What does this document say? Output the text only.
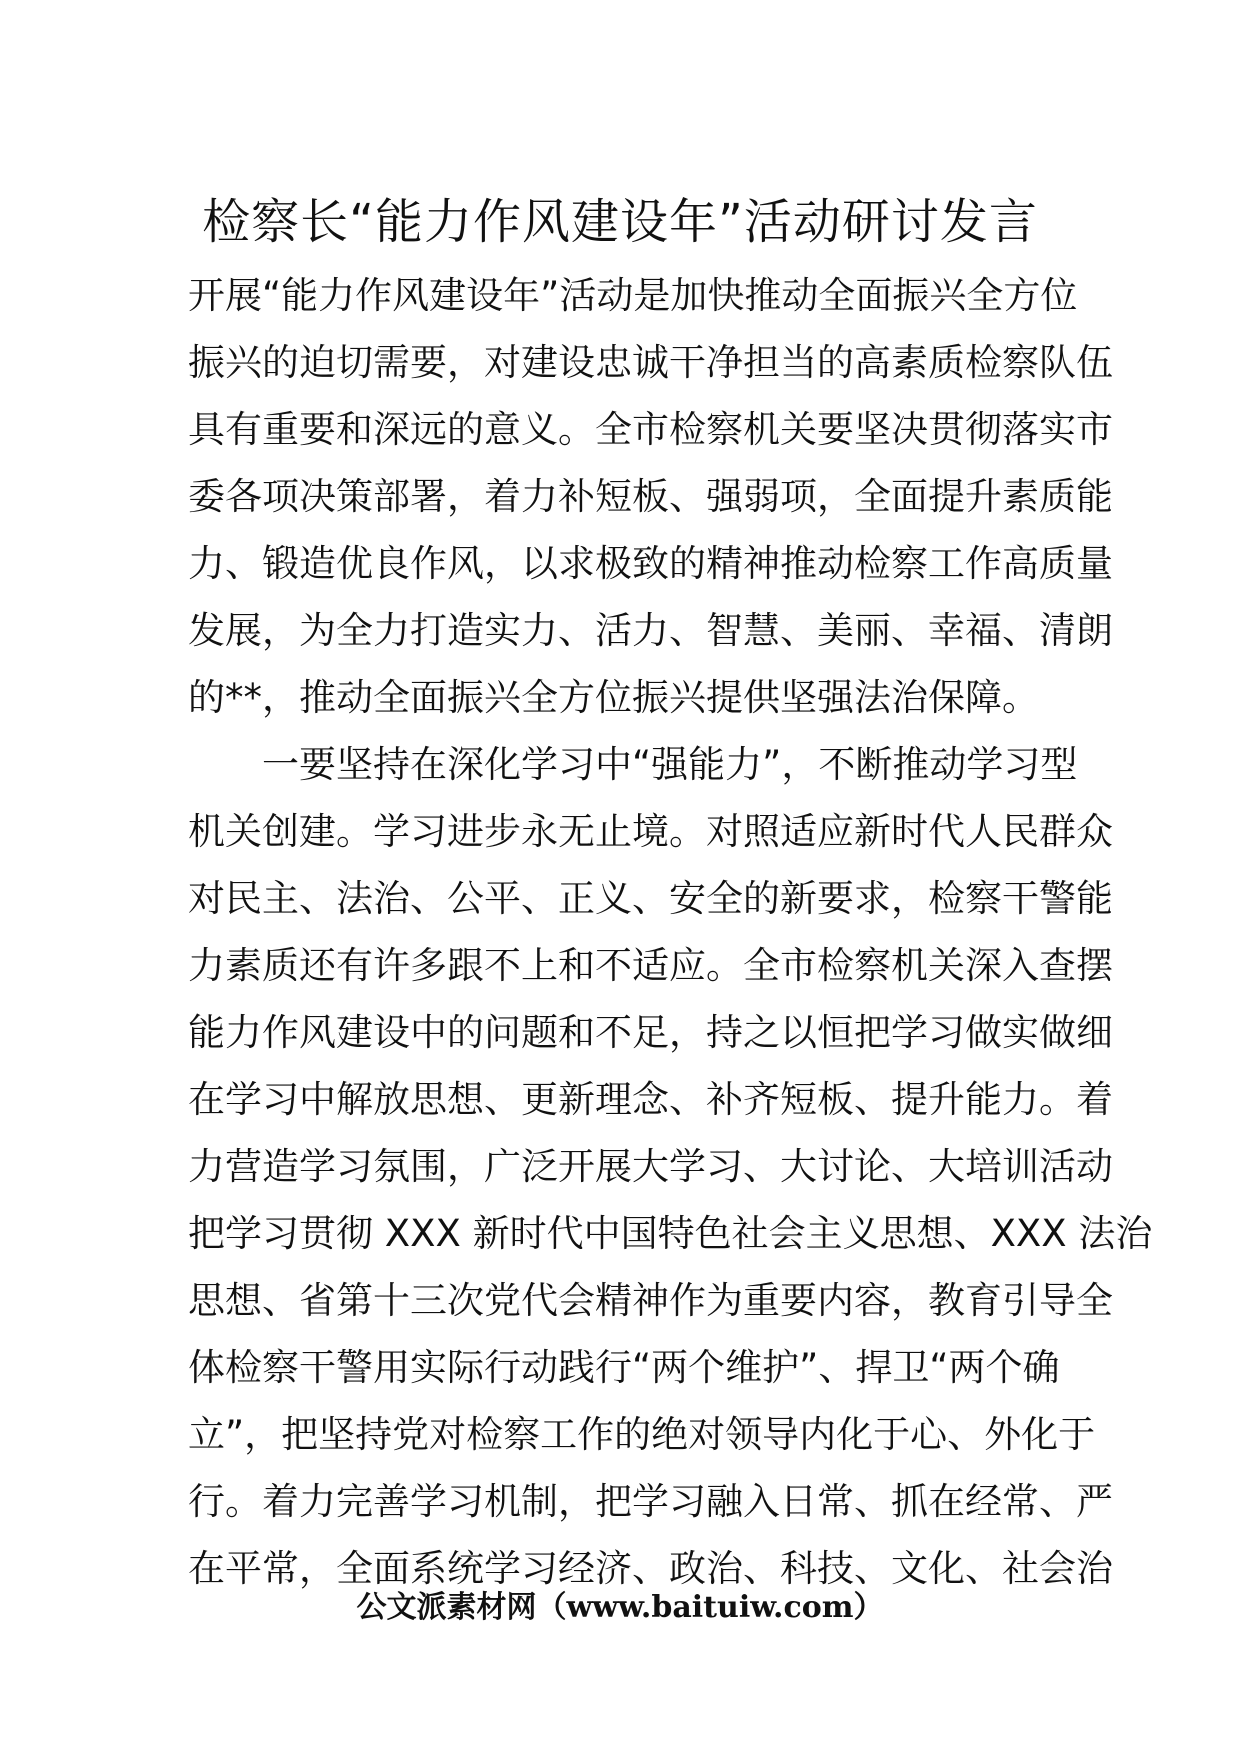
检察长“能力作风建设年”活动研讨发言
开展“能力作风建设年”活动是加快推动全面振兴全方位
振兴的迫切需要，对建设忠诚干净担当的高素质检察队伍
具有重要和深远的意义。全市检察机关要坚决贯彻落实市
委各项决策部署，着力补短板、强弱项，全面提升素质能
力、锻造优良作风，以求极致的精神推动检察工作高质量
发展，为全力打造实力、活力、智慧、美丽、幸福、清朗
的**，推动全面振兴全方位振兴提供坚强法治保障。
一要坚持在深化学习中“强能力”，不断推动学习型
机关创建。学习进步永无止境。对照适应新时代人民群众
对民主、法治、公平、正义、安全的新要求，检察干警能
力素质还有许多跟不上和不适应。全市检察机关深入查摆
能力作风建设中的问题和不足，持之以恒把学习做实做细
在学习中解放思想、更新理念、补齐短板、提升能力。着
力营造学习氛围，广泛开展大学习、大讨论、大培训活动
把学习贯彻 XXX 新时代中国特色社会主义思想、XXX 法治
思想、省第十三次党代会精神作为重要内容，教育引导全
体检察干警用实际行动践行“两个维护”、捍卫“两个确
立”，把坚持党对检察工作的绝对领导内化于心、外化于
行。着力完善学习机制，把学习融入日常、抓在经常、严
在平常，全面系统学习经济、政治、科技、文化、社会治
公文派素材网（www.baituiw.com）
